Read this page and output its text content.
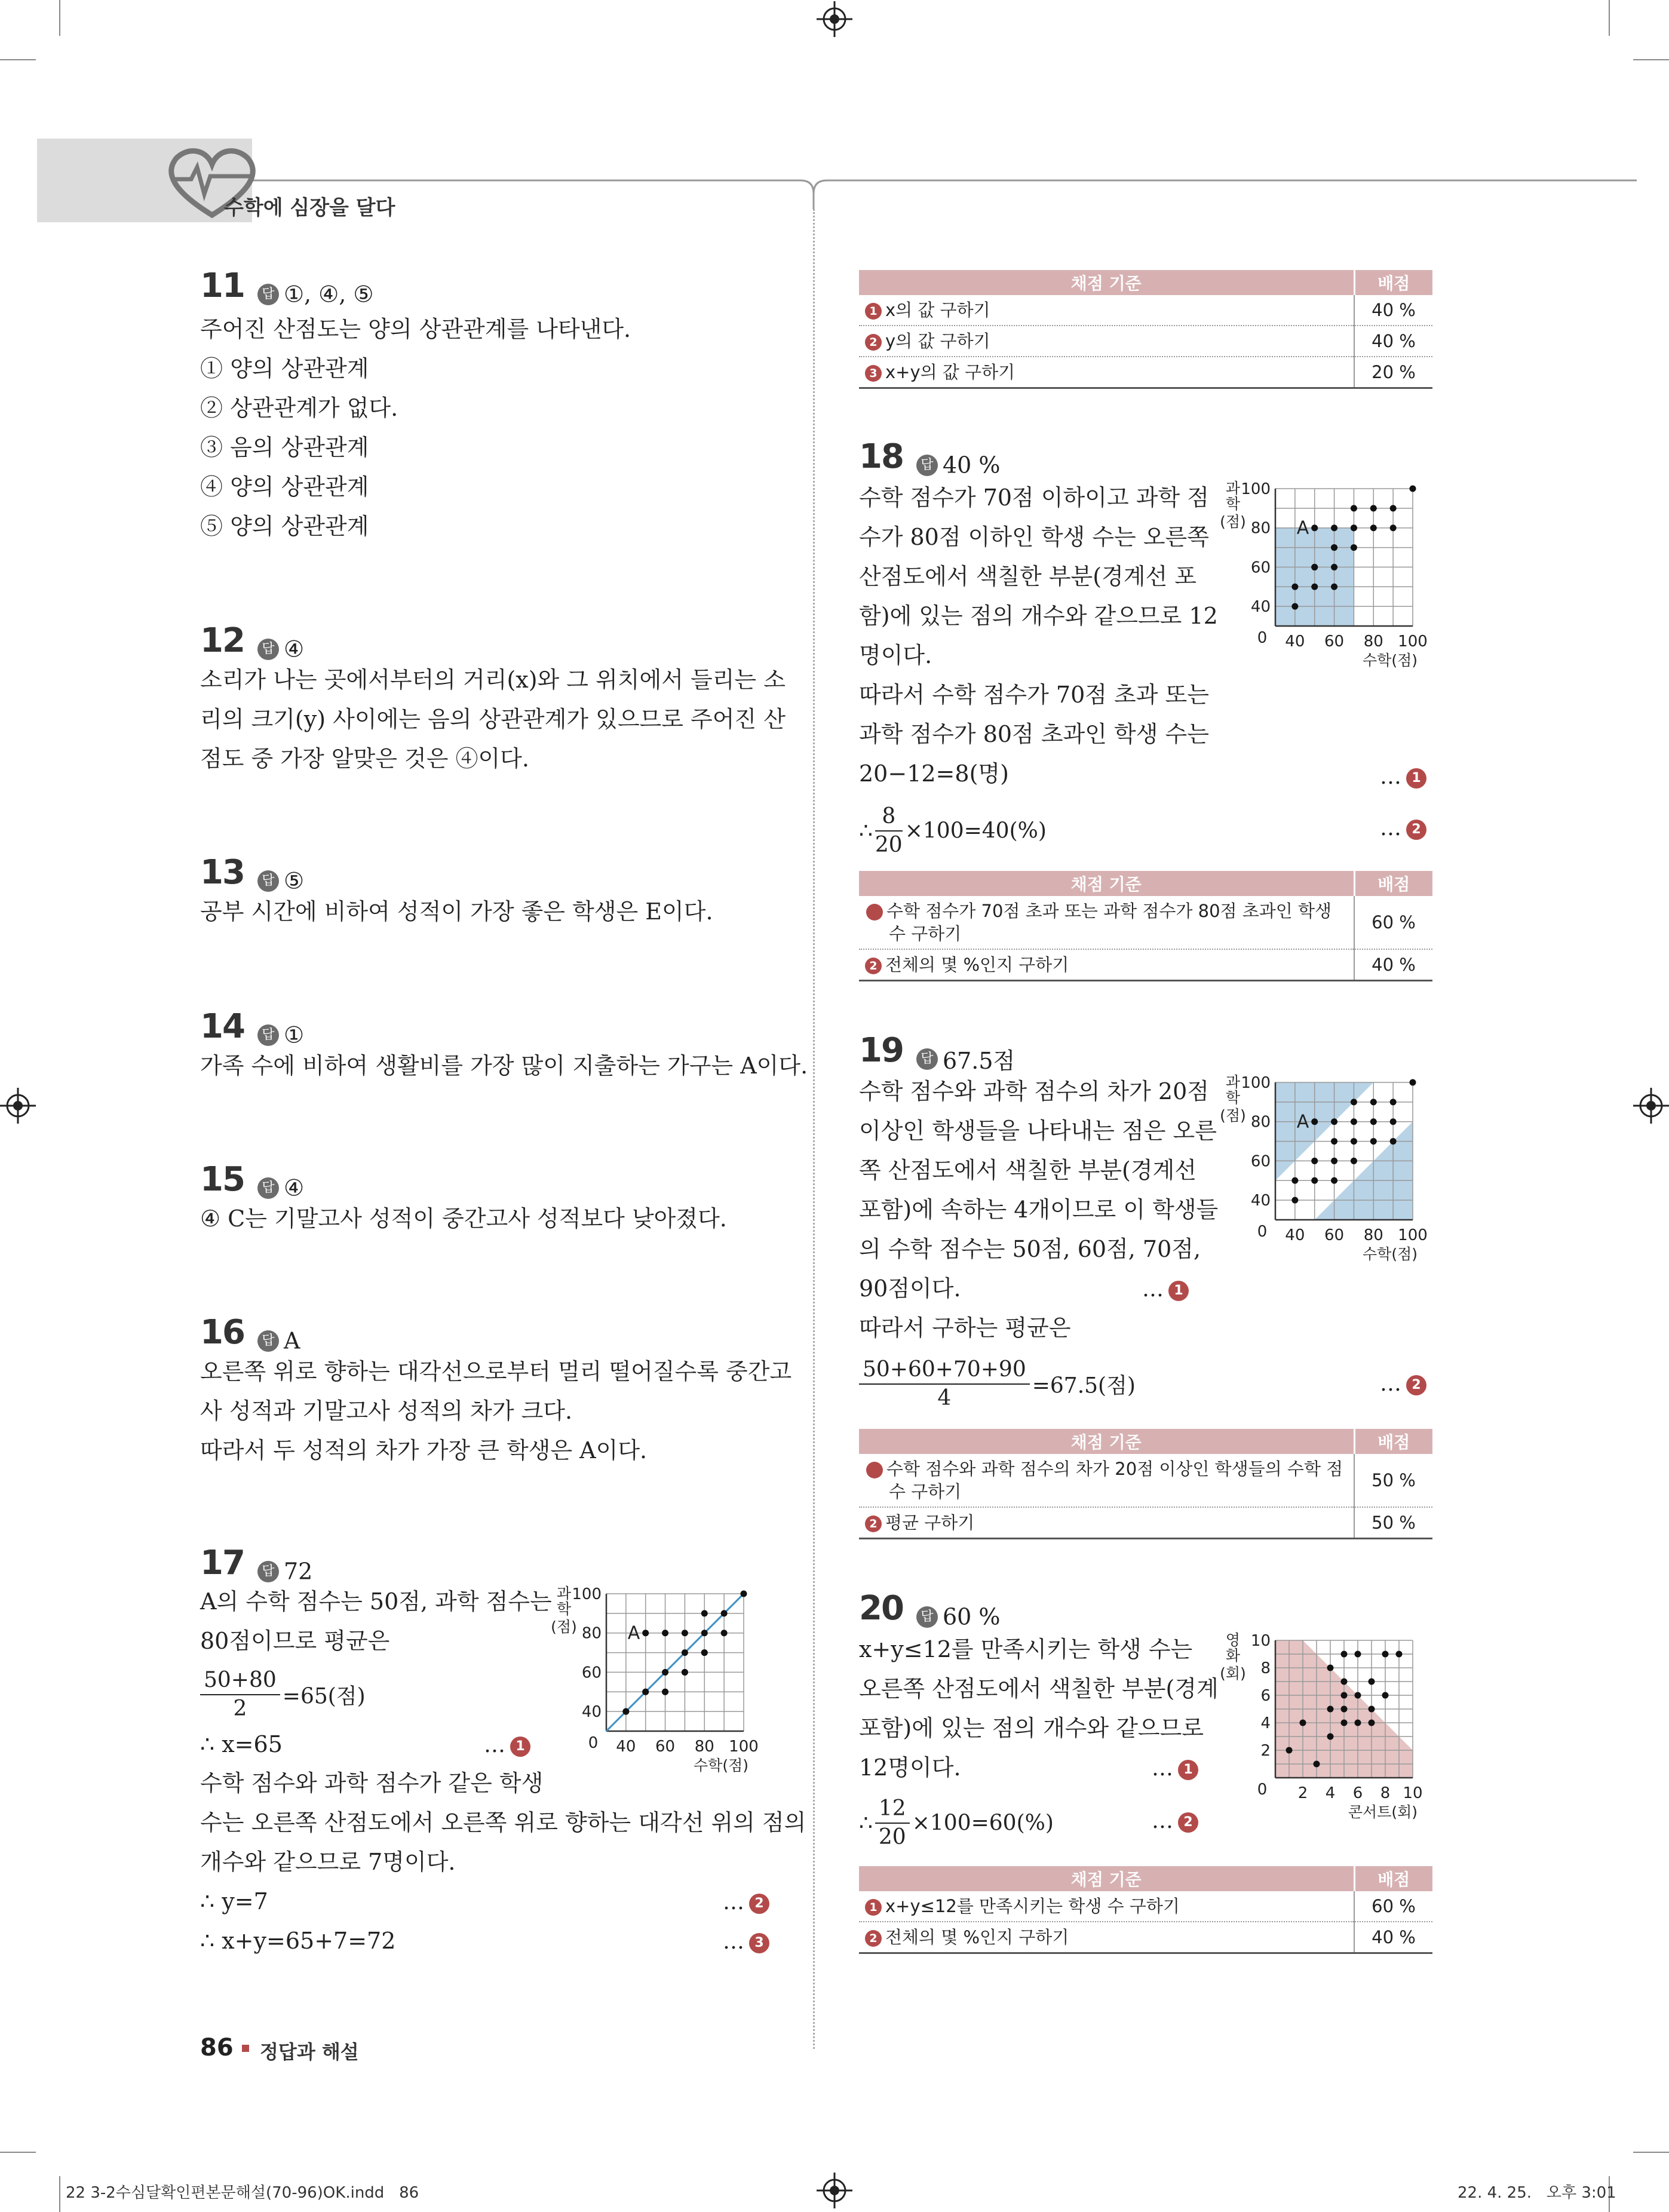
수학에 심장을 달다
11 답 ①, ④, ⑤
주어진 산점도는 양의 상관관계를 나타낸다.
① 양의 상관관계
② 상관관계가 없다.
③ 음의 상관관계
④ 양의 상관관계
⑤ 양의 상관관계
12 답 ④
소리가 나는 곳에서부터의 거리(x)와 그 위치에서 들리는 소
리의 크기(y) 사이에는 음의 상관관계가 있으므로 주어진 산
점도 중 가장 알맞은 것은 ④이다.
13 답 ⑤
공부 시간에 비하여 성적이 가장 좋은 학생은 E이다.
14 답 ①
가족 수에 비하여 생활비를 가장 많이 지출하는 가구는 A이다.
15 답 ④
④ C는 기말고사 성적이 중간고사 성적보다 낮아졌다.
16 답 A
오른쪽 위로 향하는 대각선으로부터 멀리 떨어질수록 중간고
사 성적과 기말고사 성적의 차가 크다.
따라서 두 성적의 차가 가장 큰 학생은 A이다.
17 답 72
A의 수학 점수는 50점, 과학 점수는
80점이므로 평균은
$\frac{50+80}{2} =65$(점)
∴ x=65	… 1
수학 점수와 과학 점수가 같은 학생
수는 오른쪽 산점도에서 오른쪽 위로 향하는 대각선 위의 점의
개수와 같으므로 7명이다.
∴ y=7	… 2
∴ x+y=65+7=72	… 3
40 60 80 100
40
60
80
100
0
수학(점)
과
학
(점)	A
채점 기준	배점
1 x의 값 구하기	40 %
2 y의 값 구하기	40 %
3 x+y의 값 구하기	20 %
18 답 40 %
수학 점수가 70점 이하이고 과학 점
수가 80점 이하인 학생 수는 오른쪽
산점도에서 색칠한 부분(경계선 포
함)에 있는 점의 개수와 같으므로 12
명이다.
따라서 수학 점수가 70점 초과 또는
과학 점수가 80점 초과인 학생 수는
20−12=8(명)	… 1
∴ $\frac{8}{20} \times 100=40(\%)$	… 2
40 60 80 100
40
60
80
100
0
수학(점)
과
학
(점)	A
채점 기준	배점
1 수학 점수가 70점 초과 또는 과학 점수가 80점 초과인 학생 수 구하기	60 %
2 전체의 몇 %인지 구하기	40 %
19 답 67.5점
수학 점수와 과학 점수의 차가 20점
이상인 학생들을 나타내는 점은 오른
쪽 산점도에서 색칠한 부분(경계선
포함)에 속하는 4개이므로 이 학생들
의 수학 점수는 50점, 60점, 70점,
90점이다.
따라서 구하는 평균은
… 1
$\frac{50+60+70+90}{4} =67.5$(점)	… 2
40 60 80 100
40
60
80
100
0
수학(점)
과
학
(점)	A
채점 기준	배점
1 수학 점수와 과학 점수의 차가 20점 이상인 학생들의 수학 점수 구하기	50 %
2 평균 구하기	50 %
20 답 60 %
x+y≤12를 만족시키는 학생 수는
오른쪽 산점도에서 색칠한 부분(경계
포함)에 있는 점의 개수와 같으므로
12명이다.	… 1
∴ $\frac{12}{20} \times 100=60(\%)$	… 2
2 4 6 8 10
2
4
6
8
10
0
콘서트(회)
영
화
(회)
채점 기준	배점
1 x+y≤12를 만족시키는 학생 수 구하기	60 %
2 전체의 몇 %인지 구하기	40 %
86 정답과 해설
22 3-2수심달확인편본문해설(70-96)OK.indd   86	22. 4. 25.   오후 3:01
